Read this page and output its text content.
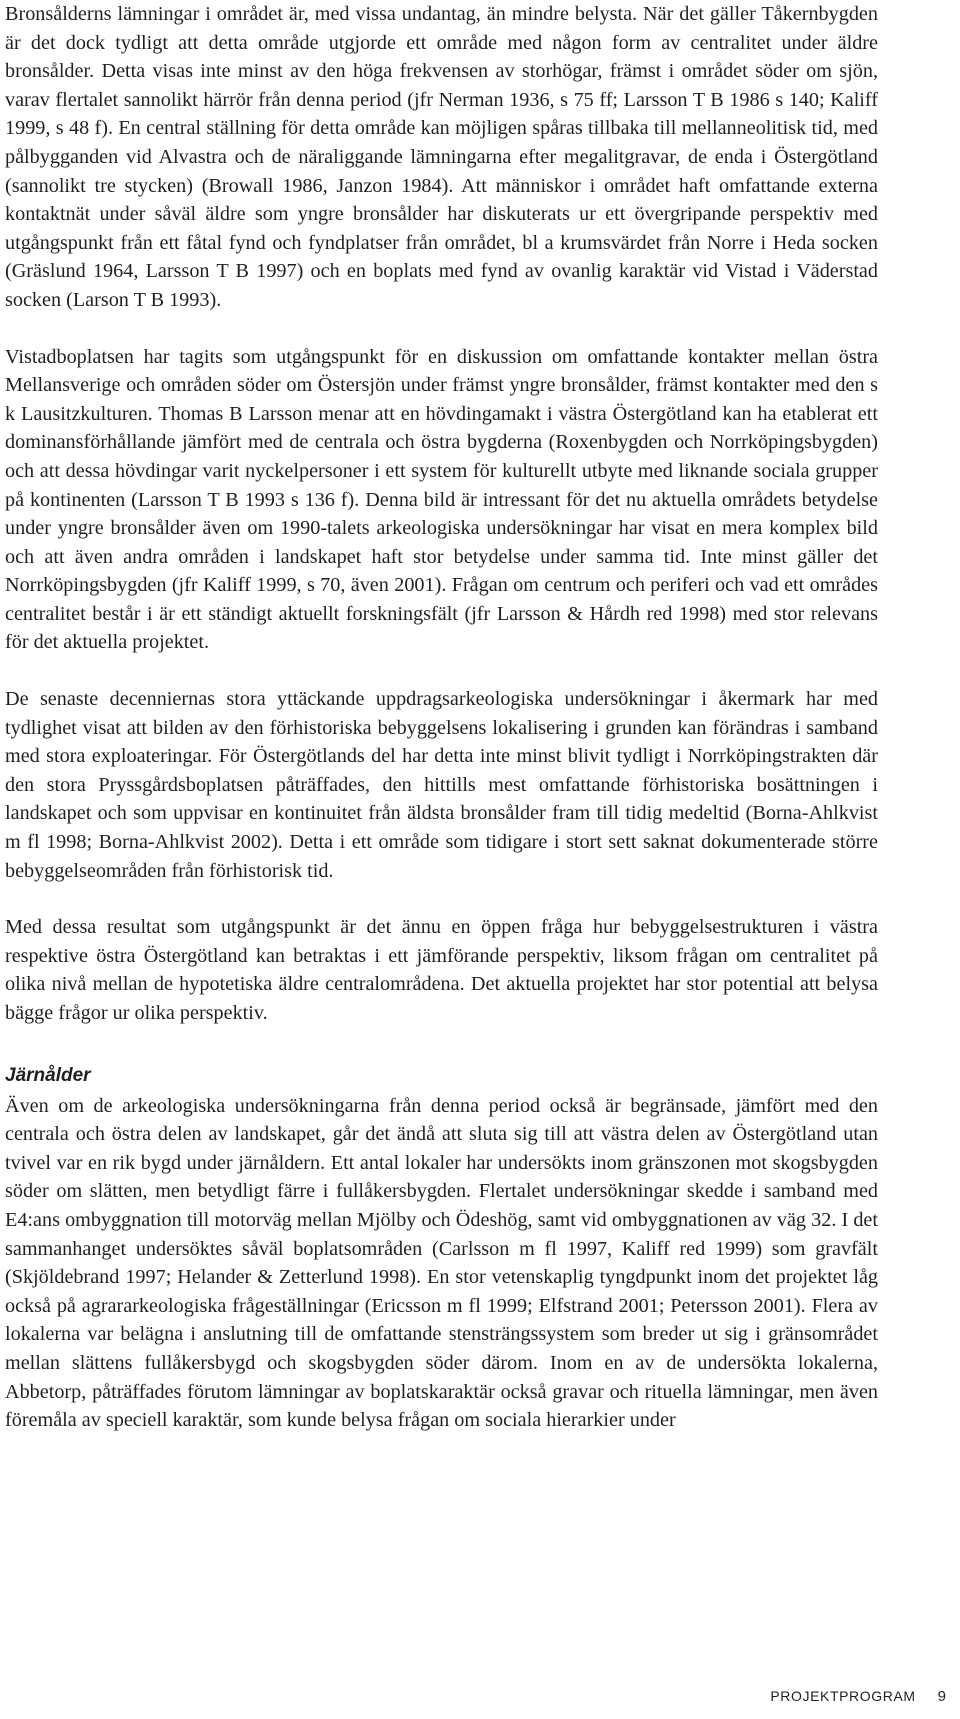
Bronsålderns lämningar i området är, med vissa undantag, än mindre belysta. När det gäller Tåkernbygden är det dock tydligt att detta område utgjorde ett område med någon form av centralitet under äldre bronsålder. Detta visas inte minst av den höga frekvensen av storhögar, främst i området söder om sjön, varav flertalet sannolikt härrör från denna period (jfr Nerman 1936, s 75 ff; Larsson T B 1986 s 140; Kaliff 1999, s 48 f). En central ställning för detta område kan möjligen spåras tillbaka till mellanneolitisk tid, med pålbygganden vid Alvastra och de näraliggande lämningarna efter megalitgravar, de enda i Östergötland (sannolikt tre stycken) (Browall 1986, Janzon 1984). Att människor i området haft omfattande externa kontaktnät under såväl äldre som yngre bronsålder har diskuterats ur ett övergripande perspektiv med utgångspunkt från ett fåtal fynd och fyndplatser från området, bl a krumsvärdet från Norre i Heda socken (Gräslund 1964, Larsson T B 1997) och en boplats med fynd av ovanlig karaktär vid Vistad i Väderstad socken (Larson T B 1993).

Vistadboplatsen har tagits som utgångspunkt för en diskussion om omfattande kontakter mellan östra Mellansverige och områden söder om Östersjön under främst yngre bronsålder, främst kontakter med den s k Lausitzkulturen. Thomas B Larsson menar att en hövdingamakt i västra Östergötland kan ha etablerat ett dominansförhållande jämfört med de centrala och östra bygderna (Roxenbygden och Norrköpingsbygden) och att dessa hövdingar varit nyckelpersoner i ett system för kulturellt utbyte med liknande sociala grupper på kontinenten (Larsson T B 1993 s 136 f). Denna bild är intressant för det nu aktuella områdets betydelse under yngre bronsålder även om 1990-talets arkeologiska undersökningar har visat en mera komplex bild och att även andra områden i landskapet haft stor betydelse under samma tid. Inte minst gäller det Norrköpingsbygden (jfr Kaliff 1999, s 70, även 2001). Frågan om centrum och periferi och vad ett områdes centralitet består i är ett ständigt aktuellt forskningsfält (jfr Larsson & Hårdh red 1998) med stor relevans för det aktuella projektet.

De senaste decenniernas stora yttäckande uppdragsarkeologiska undersökningar i åkermark har med tydlighet visat att bilden av den förhistoriska bebyggelsens lokalisering i grunden kan förändras i samband med stora exploateringar. För Östergötlands del har detta inte minst blivit tydligt i Norrköpingstrakten där den stora Pryssgårdsboplatsen påträffades, den hittills mest omfattande förhistoriska bosättningen i landskapet och som uppvisar en kontinuitet från äldsta bronsålder fram till tidig medeltid (Borna-Ahlkvist m fl 1998; Borna-Ahlkvist 2002). Detta i ett område som tidigare i stort sett saknat dokumenterade större bebyggelseområden från förhistorisk tid.

Med dessa resultat som utgångspunkt är det ännu en öppen fråga hur bebyggelsestrukturen i västra respektive östra Östergötland kan betraktas i ett jämförande perspektiv, liksom frågan om centralitet på olika nivå mellan de hypotetiska äldre centralområdena. Det aktuella projektet har stor potential att belysa bägge frågor ur olika perspektiv.

Järnålder

Även om de arkeologiska undersökningarna från denna period också är begränsade, jämfört med den centrala och östra delen av landskapet, går det ändå att sluta sig till att västra delen av Östergötland utan tvivel var en rik bygd under järnåldern. Ett antal lokaler har undersökts inom gränszonen mot skogsbygden söder om slätten, men betydligt färre i fullåkersbygden. Flertalet undersökningar skedde i samband med E4:ans ombyggnation till motorväg mellan Mjölby och Ödeshög, samt vid ombyggnationen av väg 32. I det sammanhanget undersöktes såväl boplatsområden (Carlsson m fl 1997, Kaliff red 1999) som gravfält (Skjöldebrand 1997; Helander & Zetterlund 1998). En stor vetenskaplig tyngdpunkt inom det projektet låg också på agrararkeologiska frågeställningar (Ericsson m fl 1999; Elfstrand 2001; Petersson 2001). Flera av lokalerna var belägna i anslutning till de omfattande stensträngssystem som breder ut sig i gränsområdet mellan slättens fullåkersbygd och skogsbygden söder därom. Inom en av de undersökta lokalerna, Abbetorp, påträffades förutom lämningar av boplatskaraktär också gravar och rituella lämningar, men även föremåla av speciell karaktär, som kunde belysa frågan om sociala hierarkier under

PROJEKTPROGRAM 9
